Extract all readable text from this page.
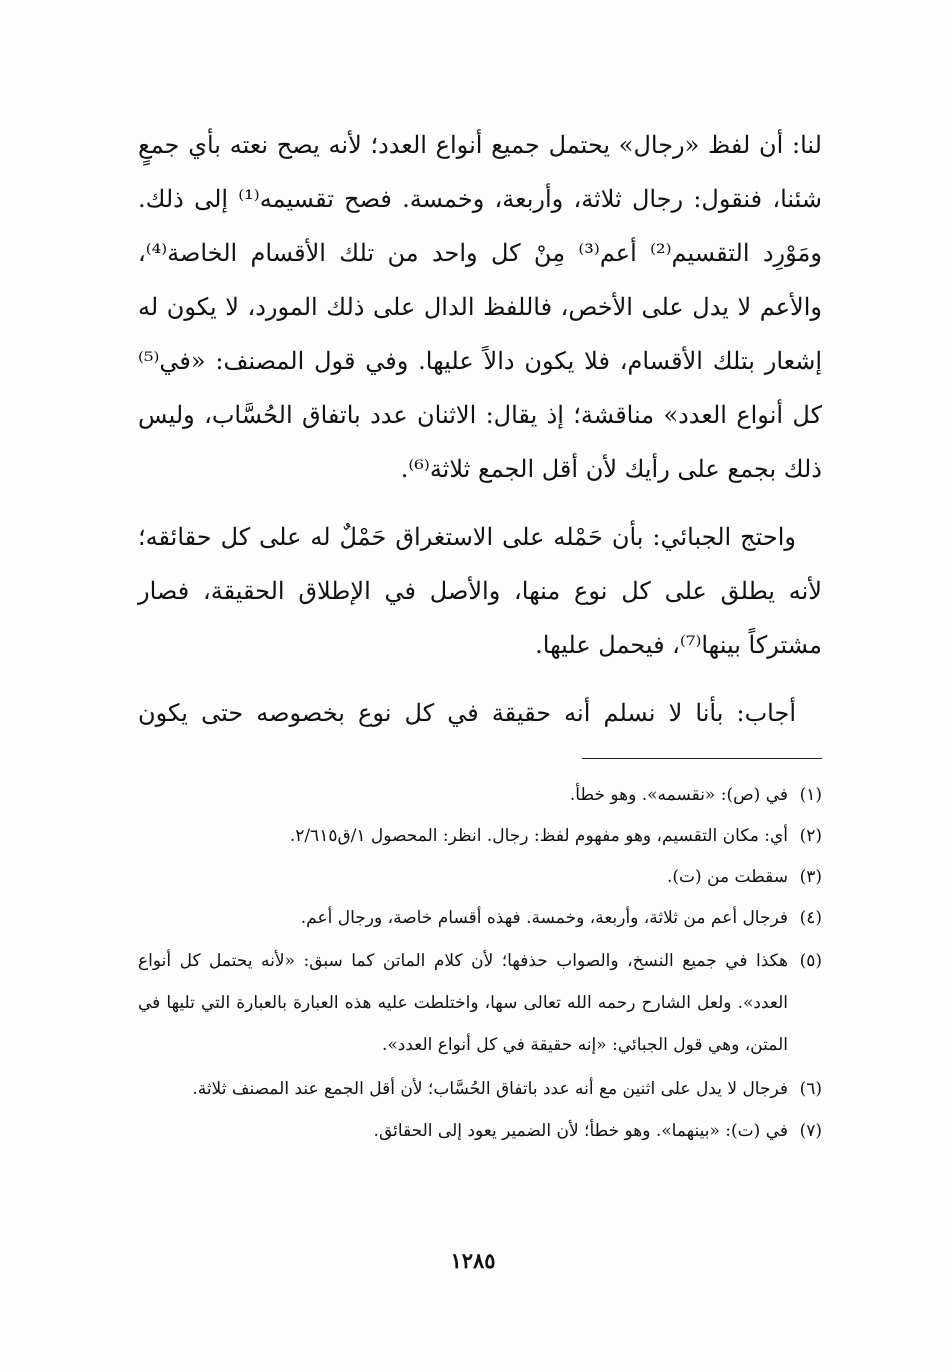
لنا: أن لفظ «رجال» يحتمل جميع أنواع العدد؛ لأنه يصح نعته بأي جمعٍ شئنا، فنقول: رجال ثلاثة، وأربعة، وخمسة. فصح تقسيمه⁽¹⁾ إلى ذلك. ومَوْرِد التقسيم⁽²⁾ أعم⁽³⁾ مِنْ كل واحد من تلك الأقسام الخاصة⁽⁴⁾، والأعم لا يدل على الأخص، فاللفظ الدال على ذلك المورد، لا يكون له إشعار بتلك الأقسام، فلا يكون دالاً عليها. وفي قول المصنف: «في⁽⁵⁾ كل أنواع العدد» مناقشة؛ إذ يقال: الاثنان عدد باتفاق الحُسَّاب، وليس ذلك بجمع على رأيك لأن أقل الجمع ثلاثة⁽⁶⁾.

واحتج الجبائي: بأن حَمْله على الاستغراق حَمْلٌ له على كل حقائقه؛ لأنه يطلق على كل نوع منها، والأصل في الإطلاق الحقيقة، فصار مشتركاً بينها⁽⁷⁾، فيحمل عليها.

أجاب: بأنا لا نسلم أنه حقيقة في كل نوع بخصوصه حتى يكون

(١)
في (ص): «نقسمه». وهو خطأ.
(٢)
أي: مكان التقسيم، وهو مفهوم لفظ: رجال. انظر: المحصول ١/ق٢/٦١٥.
(٣)
سقطت من (ت).
(٤)
فرجال أعم من ثلاثة، وأربعة، وخمسة. فهذه أقسام خاصة، ورجال أعم.
(٥)
هكذا في جميع النسخ، والصواب حذفها؛ لأن كلام الماتن كما سبق: «لأنه يحتمل كل أنواع العدد». ولعل الشارح رحمه الله تعالى سها، واختلطت عليه هذه العبارة بالعبارة التي تليها في المتن، وهي قول الجبائي: «إنه حقيقة في كل أنواع العدد».
(٦)
فرجال لا يدل على اثنين مع أنه عدد باتفاق الحُسَّاب؛ لأن أقل الجمع عند المصنف ثلاثة.
(٧)
في (ت): «بينهما». وهو خطأ؛ لأن الضمير يعود إلى الحقائق.
١٢٨٥
